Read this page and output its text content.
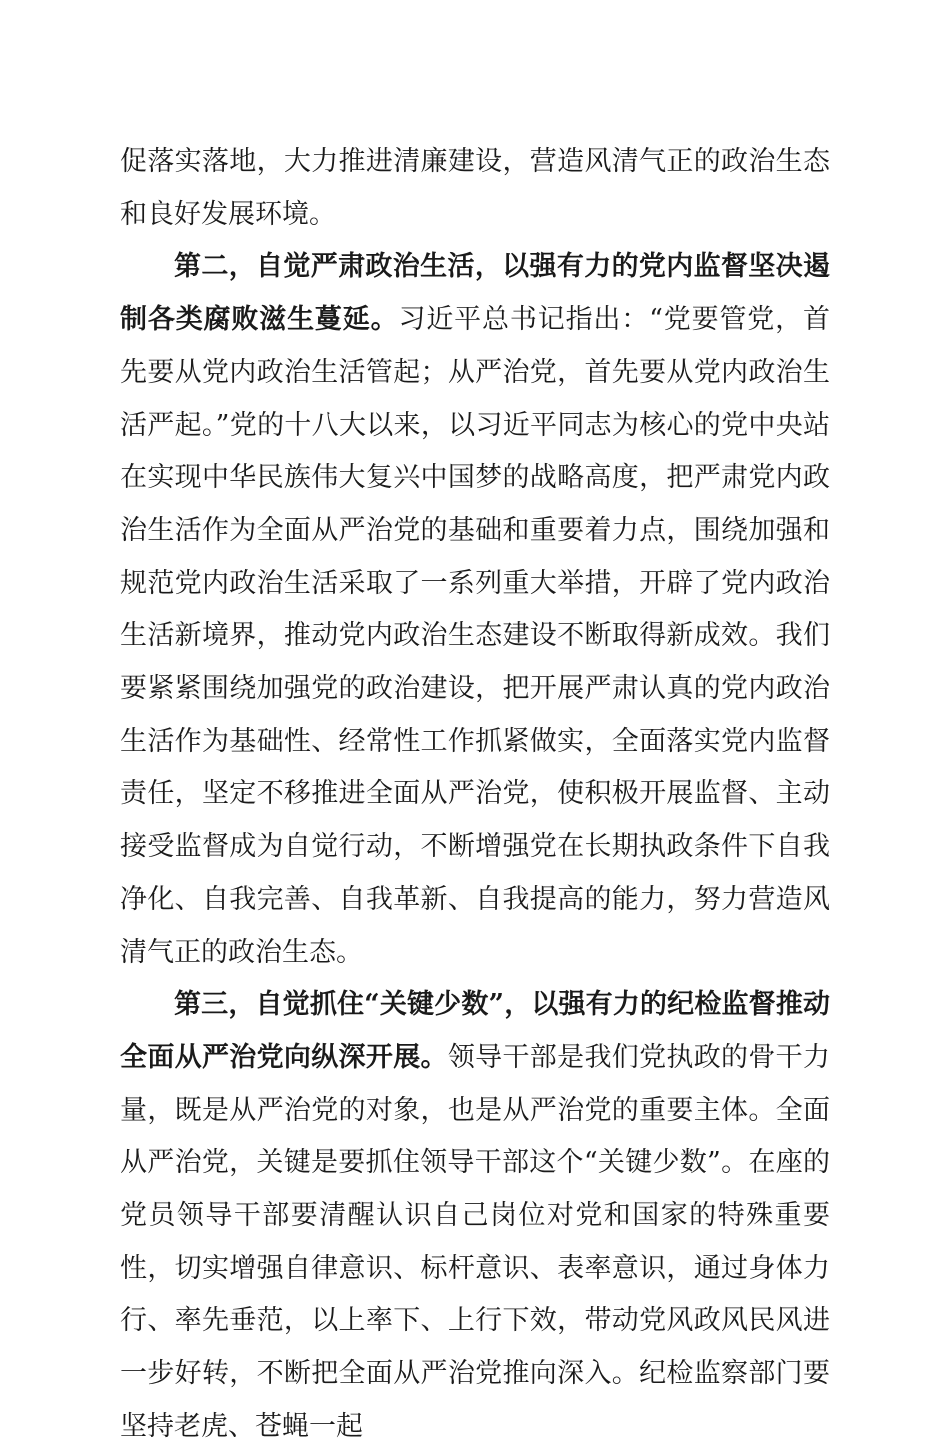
促落实落地，大力推进清廉建设，营造风清气正的政治生态和良好发展环境。

第二，自觉严肃政治生活，以强有力的党内监督坚决遏制各类腐败滋生蔓延。习近平总书记指出：“党要管党，首先要从党内政治生活管起；从严治党，首先要从党内政治生活严起。”党的十八大以来，以习近平同志为核心的党中央站在实现中华民族伟大复兴中国梦的战略高度，把严肃党内政治生活作为全面从严治党的基础和重要着力点，围绕加强和规范党内政治生活采取了一系列重大举措，开辟了党内政治生活新境界，推动党内政治生态建设不断取得新成效。我们要紧紧围绕加强党的政治建设，把开展严肃认真的党内政治生活作为基础性、经常性工作抓紧做实，全面落实党内监督责任，坚定不移推进全面从严治党，使积极开展监督、主动接受监督成为自觉行动，不断增强党在长期执政条件下自我净化、自我完善、自我革新、自我提高的能力，努力营造风清气正的政治生态。

第三，自觉抓住“关键少数”，以强有力的纪检监督推动全面从严治党向纵深开展。领导干部是我们党执政的骨干力量，既是从严治党的对象，也是从严治党的重要主体。全面从严治党，关键是要抓住领导干部这个“关键少数”。在座的党员领导干部要清醒认识自己岗位对党和国家的特殊重要性，切实增强自律意识、标杆意识、表率意识，通过身体力行、率先垂范，以上率下、上行下效，带动党风政风民风进一步好转，不断把全面从严治党推向深入。纪检监察部门要坚持老虎、苍蝇一起
